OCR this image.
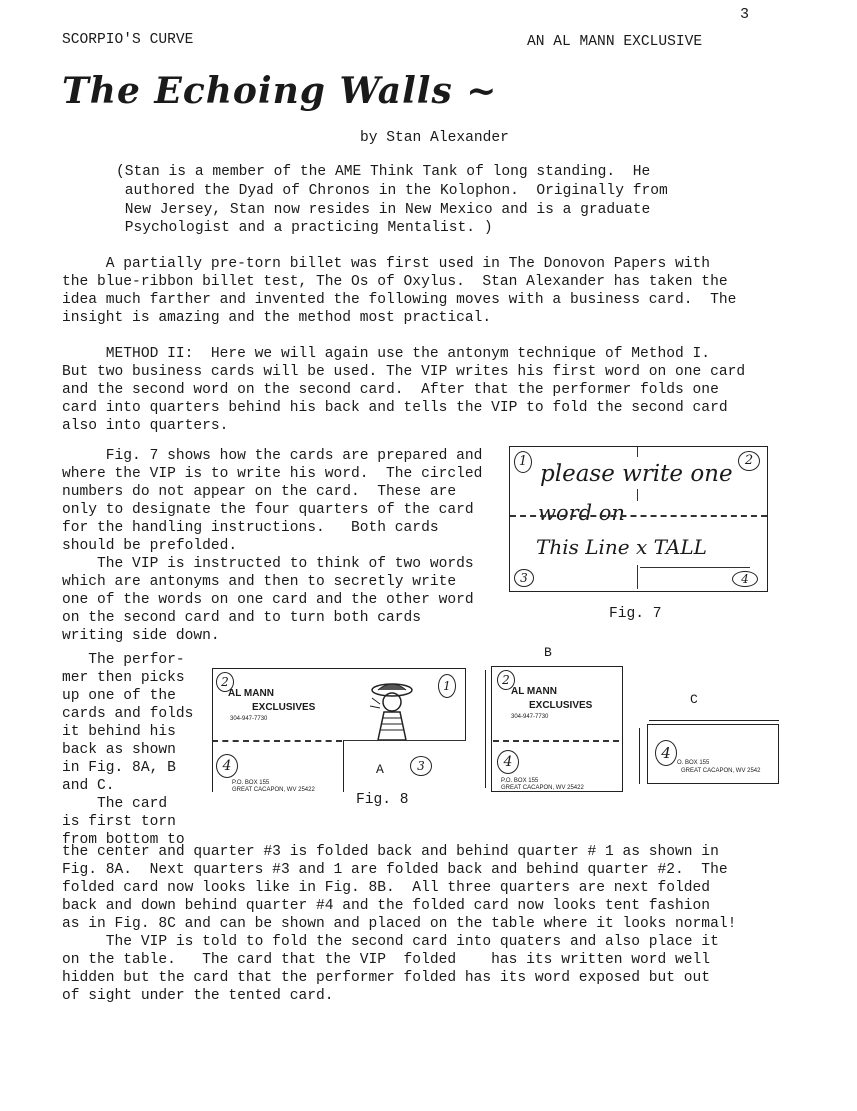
3
SCORPIO'S CURVE	AN AL MANN EXCLUSIVE
The Echoing Walls ~
by Stan Alexander
(Stan is a member of the AME Think Tank of long standing.  He
authored the Dyad of Chronos in the Kolophon.  Originally from
New Jersey, Stan now resides in New Mexico and is a graduate
Psychologist and a practicing Mentalist. )
A partially pre-torn billet was first used in The Donovon Papers with
the blue-ribbon billet test, The Os of Oxylus.  Stan Alexander has taken the
idea much farther and invented the following moves with a business card.  The
insight is amazing and the method most practical.
METHOD II:  Here we will again use the antonym technique of Method I.
But two business cards will be used. The VIP writes his first word on one card
and the second word on the second card.  After that the performer folds one
card into quarters behind his back and tells the VIP to fold the second card
also into quarters.
Fig. 7 shows how the cards are prepared and
where the VIP is to write his word.  The circled
numbers do not appear on the card.  These are
only to designate the four quarters of the card
for the handling instructions.   Both cards
should be prefolded.
The VIP is instructed to think of two words
which are antonyms and then to secretly write
one of the words on one card and the other word
on the second card and to turn both cards
writing side down.
1	2
3	4
please write one
word on
This Line x TALL
Fig. 7
The perfor-
mer then picks
up one of the
cards and folds
it behind his
back as shown
in Fig. 8A, B
and C.
The card
is first torn
from bottom to
2
AL MANN
EXCLUSIVES
304-947-7730
1
4
P.O. BOX 155
GREAT CACAPON, WV 25422
A	3
Fig. 8
B
2
AL MANN
EXCLUSIVES
304-947-7730
4
P.O. BOX 155
GREAT CACAPON, WV 25422
C
4
O. BOX 155
GREAT CACAPON, WV 2542
the center and quarter #3 is folded back and behind quarter # 1 as shown in
Fig. 8A.  Next quarters #3 and 1 are folded back and behind quarter #2.  The
folded card now looks like in Fig. 8B.  All three quarters are next folded
back and down behind quarter #4 and the folded card now looks tent fashion
as in Fig. 8C and can be shown and placed on the table where it looks normal!
The VIP is told to fold the second card into quaters and also place it
on the table.   The card that the VIP  folded    has its written word well
hidden but the card that the performer folded has its word exposed but out
of sight under the tented card.
